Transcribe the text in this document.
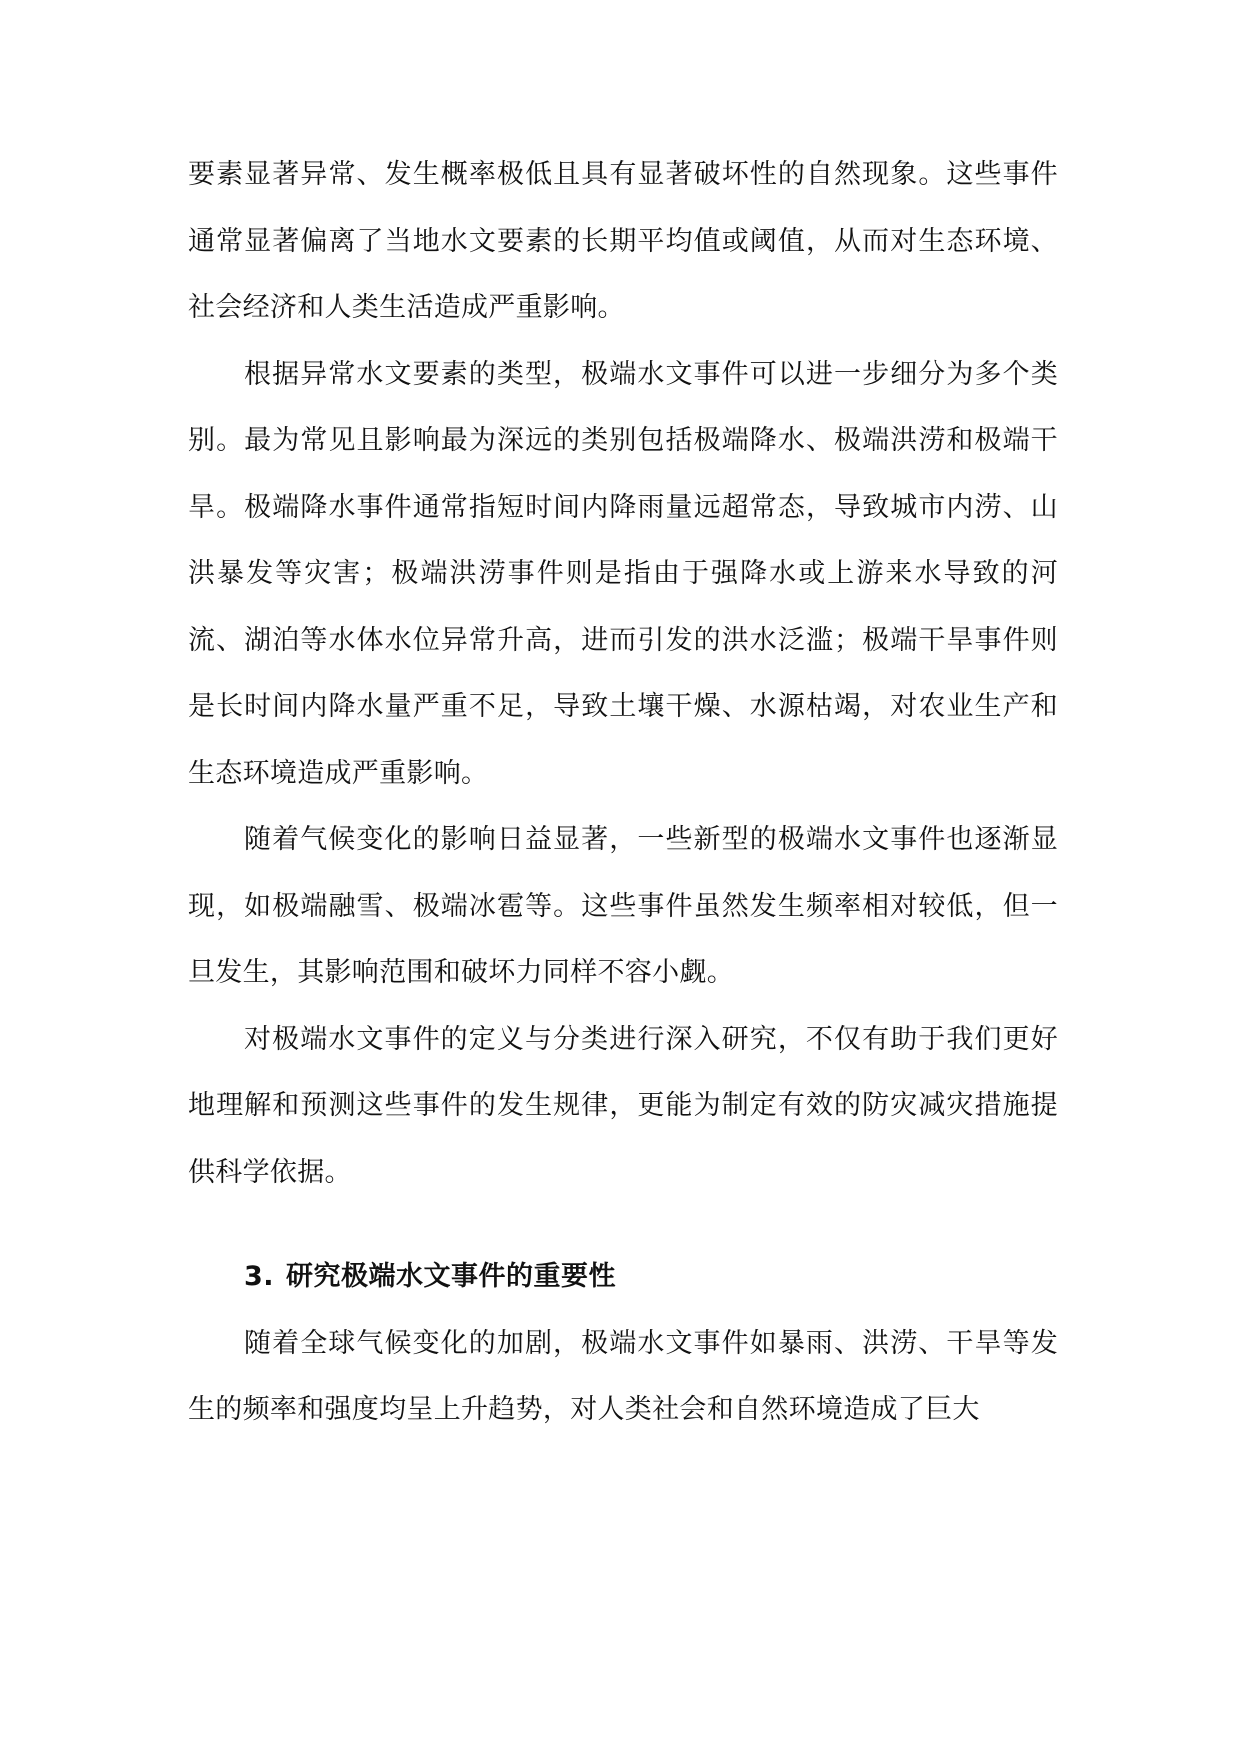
要素显著异常、发生概率极低且具有显著破坏性的自然现象。这些事件通常显著偏离了当地水文要素的长期平均值或阈值，从而对生态环境、社会经济和人类生活造成严重影响。

根据异常水文要素的类型，极端水文事件可以进一步细分为多个类别。最为常见且影响最为深远的类别包括极端降水、极端洪涝和极端干旱。极端降水事件通常指短时间内降雨量远超常态，导致城市内涝、山洪暴发等灾害；极端洪涝事件则是指由于强降水或上游来水导致的河流、湖泊等水体水位异常升高，进而引发的洪水泛滥；极端干旱事件则是长时间内降水量严重不足，导致土壤干燥、水源枯竭，对农业生产和生态环境造成严重影响。

随着气候变化的影响日益显著，一些新型的极端水文事件也逐渐显现，如极端融雪、极端冰雹等。这些事件虽然发生频率相对较低，但一旦发生，其影响范围和破坏力同样不容小觑。

对极端水文事件的定义与分类进行深入研究，不仅有助于我们更好地理解和预测这些事件的发生规律，更能为制定有效的防灾减灾措施提供科学依据。

3. 研究极端水文事件的重要性

随着全球气候变化的加剧，极端水文事件如暴雨、洪涝、干旱等发生的频率和强度均呈上升趋势，对人类社会和自然环境造成了巨大
